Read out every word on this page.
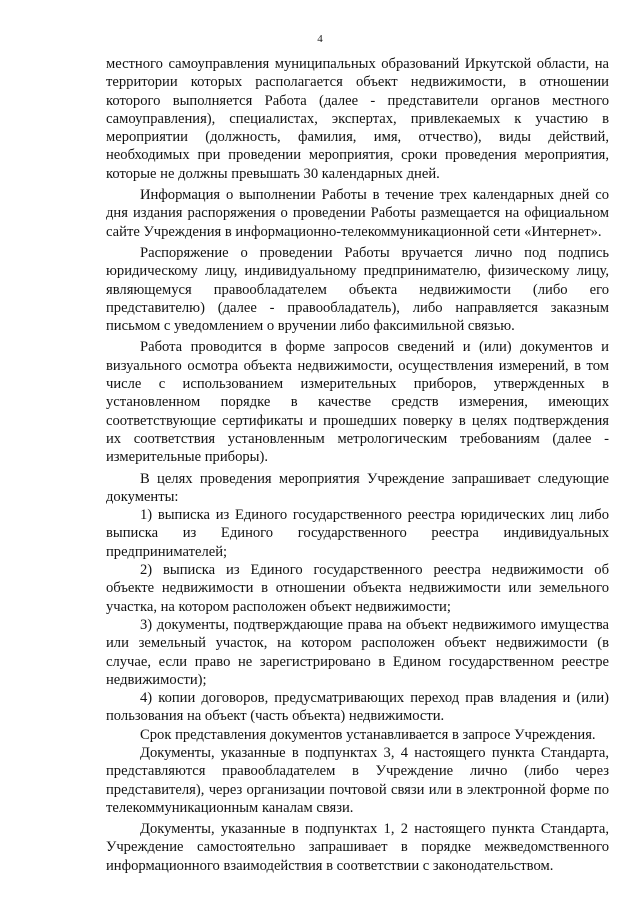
4

местного самоуправления муниципальных образований Иркутской области, на территории которых располагается объект недвижимости, в отношении которого выполняется Работа (далее - представители органов местного самоуправления), специалистах, экспертах, привлекаемых к участию в мероприятии (должность, фамилия, имя, отчество), виды действий, необходимых при проведении мероприятия, сроки проведения мероприятия, которые не должны превышать 30 календарных дней.

Информация о выполнении Работы в течение трех календарных дней со дня издания распоряжения о проведении Работы размещается на официальном сайте Учреждения в информационно-телекоммуникационной сети «Интернет».

Распоряжение о проведении Работы вручается лично под подпись юридическому лицу, индивидуальному предпринимателю, физическому лицу, являющемуся правообладателем объекта недвижимости (либо его представителю) (далее - правообладатель), либо направляется заказным письмом с уведомлением о вручении либо факсимильной связью.

Работа проводится в форме запросов сведений и (или) документов и визуального осмотра объекта недвижимости, осуществления измерений, в том числе с использованием измерительных приборов, утвержденных в установленном порядке в качестве средств измерения, имеющих соответствующие сертификаты и прошедших поверку в целях подтверждения их соответствия установленным метрологическим требованиям (далее - измерительные приборы).

В целях проведения мероприятия Учреждение запрашивает следующие документы:

1) выписка из Единого государственного реестра юридических лиц либо выписка из Единого государственного реестра индивидуальных предпринимателей;

2) выписка из Единого государственного реестра недвижимости об объекте недвижимости в отношении объекта недвижимости или земельного участка, на котором расположен объект недвижимости;

3) документы, подтверждающие права на объект недвижимого имущества или земельный участок, на котором расположен объект недвижимости (в случае, если право не зарегистрировано в Едином государственном реестре недвижимости);

4) копии договоров, предусматривающих переход прав владения и (или) пользования на объект (часть объекта) недвижимости.

Срок представления документов устанавливается в запросе Учреждения.

Документы, указанные в подпунктах 3, 4 настоящего пункта Стандарта, представляются правообладателем в Учреждение лично (либо через представителя), через организации почтовой связи или в электронной форме по телекоммуникационным каналам связи.

Документы, указанные в подпунктах 1, 2 настоящего пункта Стандарта, Учреждение самостоятельно запрашивает в порядке межведомственного информационного взаимодействия в соответствии с законодательством.
